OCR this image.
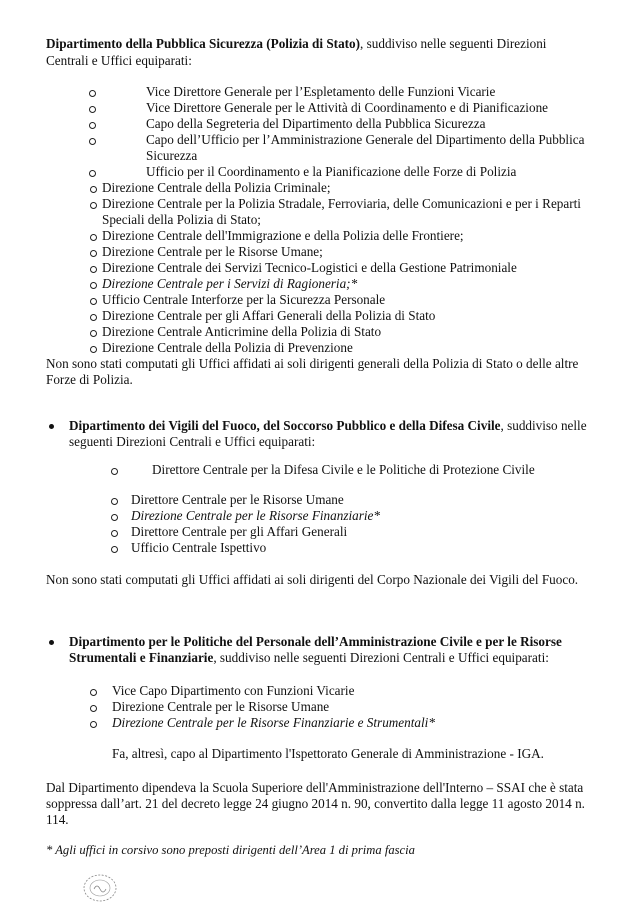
Dipartimento della Pubblica Sicurezza (Polizia di Stato), suddiviso nelle seguenti Direzioni

Centrali e Uffici equiparati:

Vice Direttore Generale per l’Espletamento delle Funzioni Vicarie
Vice Direttore Generale per le Attività di Coordinamento e di Pianificazione
Capo della Segreteria del Dipartimento della Pubblica Sicurezza
Capo dell’Ufficio per l’Amministrazione Generale del Dipartimento della Pubblica
Sicurezza
Ufficio per il Coordinamento e la Pianificazione delle Forze di Polizia
Direzione Centrale della Polizia Criminale;
Direzione Centrale per la Polizia Stradale, Ferroviaria, delle Comunicazioni e per i Reparti
Speciali della Polizia di Stato;
Direzione Centrale dell'Immigrazione e della Polizia delle Frontiere;
Direzione Centrale per le Risorse Umane;
Direzione Centrale dei Servizi Tecnico-Logistici e della Gestione Patrimoniale
Direzione Centrale per i Servizi di Ragioneria;*
Ufficio Centrale Interforze per la Sicurezza Personale
Direzione Centrale per gli Affari Generali della Polizia di Stato
Direzione Centrale Anticrimine della Polizia di Stato
Direzione Centrale della Polizia di Prevenzione

Non sono stati computati gli Uffici affidati ai soli dirigenti generali della Polizia di Stato o delle altre

Forze di Polizia.

Dipartimento dei Vigili del Fuoco, del Soccorso Pubblico e della Difesa Civile, suddiviso nelle

seguenti Direzioni Centrali e Uffici equiparati:

Direttore Centrale per la Difesa Civile e le Politiche di Protezione Civile
Direttore Centrale per le Risorse Umane
Direzione Centrale per le Risorse Finanziarie*
Direttore Centrale per gli Affari Generali
Ufficio Centrale Ispettivo

Non sono stati computati gli Uffici affidati ai soli dirigenti del Corpo Nazionale dei Vigili del Fuoco.

Dipartimento per le Politiche del Personale dell’Amministrazione Civile e per le Risorse

Strumentali e Finanziarie, suddiviso nelle seguenti Direzioni Centrali e Uffici equiparati:

Vice Capo Dipartimento con Funzioni Vicarie
Direzione Centrale per le Risorse Umane
Direzione Centrale per le Risorse Finanziarie e Strumentali*

Fa, altresì, capo al Dipartimento l'Ispettorato Generale di Amministrazione - IGA.

Dal Dipartimento dipendeva la Scuola Superiore dell'Amministrazione dell'Interno – SSAI che è stata

soppressa dall’art. 21 del decreto legge 24 giugno 2014 n. 90, convertito dalla legge 11 agosto 2014 n.

114.

* Agli uffici in corsivo sono preposti dirigenti dell’Area 1 di prima fascia
